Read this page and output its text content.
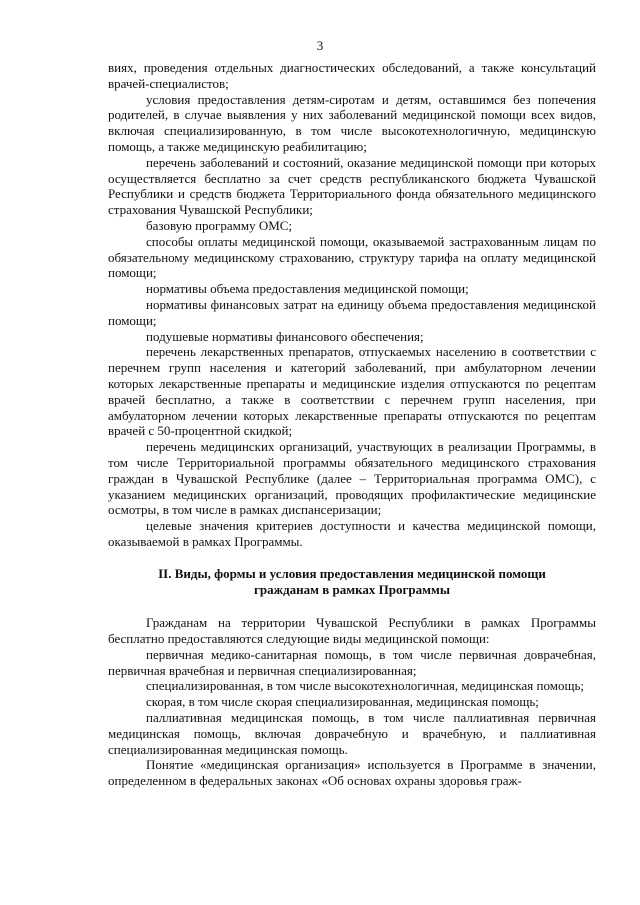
3

виях, проведения отдельных диагностических обследований, а также консультаций врачей-специалистов;

условия предоставления детям-сиротам и детям, оставшимся без попечения родителей, в случае выявления у них заболеваний медицинской помощи всех видов, включая специализированную, в том числе высокотехнологичную, медицинскую помощь, а также медицинскую реабилитацию;

перечень заболеваний и состояний, оказание медицинской помощи при которых осуществляется бесплатно за счет средств республиканского бюджета Чувашской Республики и средств бюджета Территориального фонда обязательного медицинского страхования Чувашской Республики;

базовую программу ОМС;

способы оплаты медицинской помощи, оказываемой застрахованным лицам по обязательному медицинскому страхованию, структуру тарифа на оплату медицинской помощи;

нормативы объема предоставления медицинской помощи;

нормативы финансовых затрат на единицу объема предоставления медицинской помощи;

подушевые нормативы финансового обеспечения;

перечень лекарственных препаратов, отпускаемых населению в соответствии с перечнем групп населения и категорий заболеваний, при амбулаторном лечении которых лекарственные препараты и медицинские изделия отпускаются по рецептам врачей бесплатно, а также в соответствии с перечнем групп населения, при амбулаторном лечении которых лекарственные препараты отпускаются по рецептам врачей с 50-процентной скидкой;

перечень медицинских организаций, участвующих в реализации Программы, в том числе Территориальной программы обязательного медицинского страхования граждан в Чувашской Республике (далее – Территориальная программа ОМС), с указанием медицинских организаций, проводящих профилактические медицинские осмотры, в том числе в рамках диспансеризации;

целевые значения критериев доступности и качества медицинской помощи, оказываемой в рамках Программы.

II. Виды, формы и условия предоставления медицинской помощи
гражданам в рамках Программы

Гражданам на территории Чувашской Республики в рамках Программы бесплатно предоставляются следующие виды медицинской помощи:

первичная медико-санитарная помощь, в том числе первичная доврачебная, первичная врачебная и первичная специализированная;

специализированная, в том числе высокотехнологичная, медицинская помощь;

скорая, в том числе скорая специализированная, медицинская помощь;

паллиативная медицинская помощь, в том числе паллиативная первичная медицинская помощь, включая доврачебную и врачебную, и паллиативная специализированная медицинская помощь.

Понятие «медицинская организация» используется в Программе в значении, определенном в федеральных законах «Об основах охраны здоровья граж-
